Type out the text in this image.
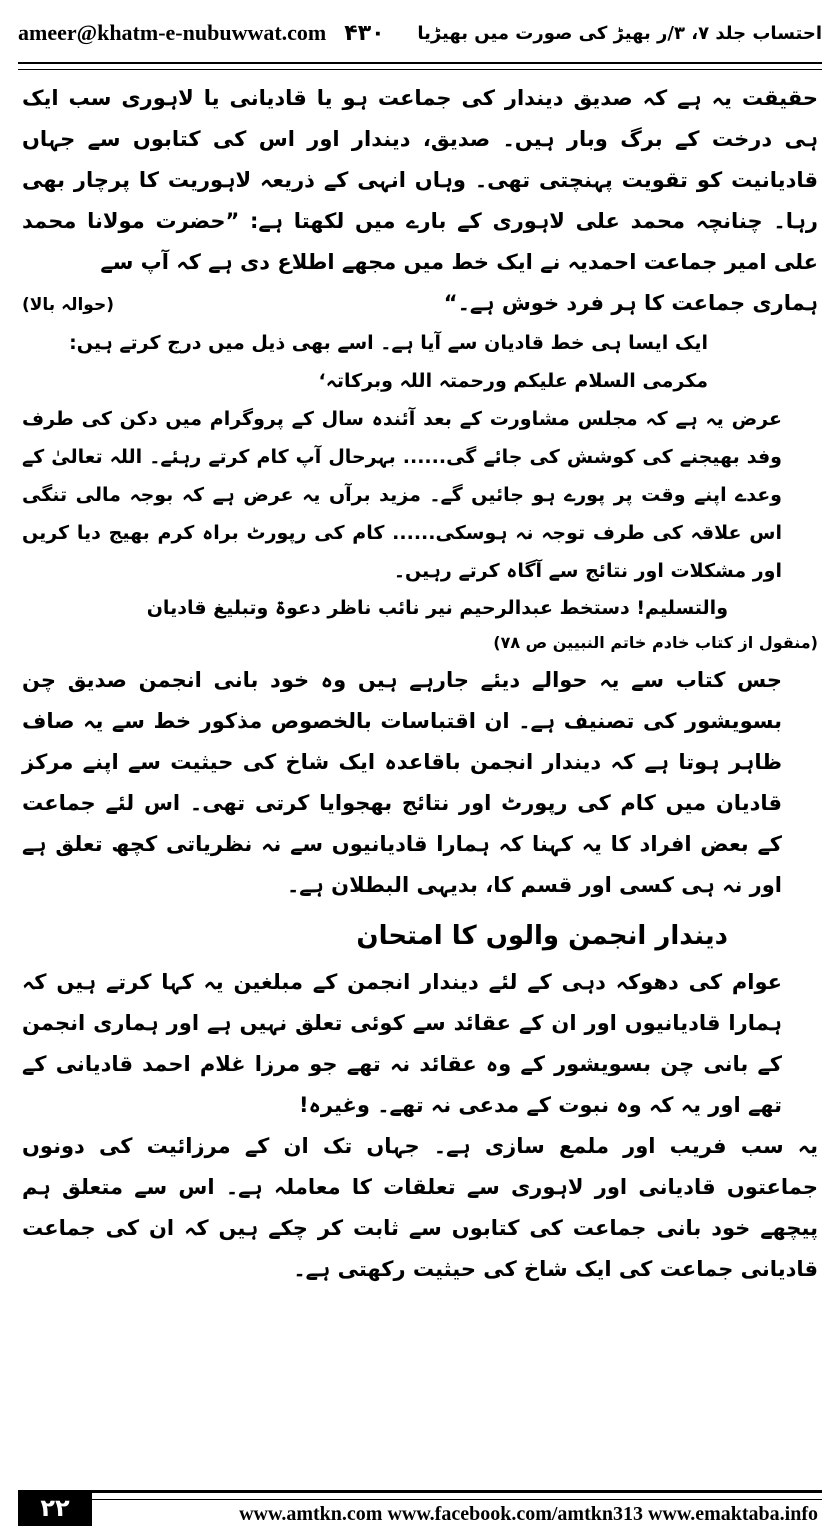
ameer@khatm-e-nubuwwat.com ۴۳۰ احتساب جلد ۷، ۳/ر بھیڑ کی صورت میں بھیڑیا

حقیقت یہ ہے کہ صدیق دیندار کی جماعت ہو یا قادیانی یا لاہوری سب ایک ہی درخت کے برگ وبار ہیں۔ صدیق، دیندار اور اس کی کتابوں سے جہاں قادیانیت کو تقویت پہنچتی تھی۔ وہاں انہی کے ذریعہ لاہوریت کا پرچار بھی رہا۔ چنانچہ محمد علی لاہوری کے بارے میں لکھتا ہے: ”حضرت مولانا محمد علی امیر جماعت احمدیہ نے ایک خط میں مجھے اطلاع دی ہے کہ آپ سے

ہماری جماعت کا ہر فرد خوش ہے۔“

(حوالہ بالا)

ایک ایسا ہی خط قادیان سے آیا ہے۔ اسے بھی ذیل میں درج کرتے ہیں:

مکرمی السلام علیکم ورحمتہ اللہ وبرکاتہ‘

عرض یہ ہے کہ مجلس مشاورت کے بعد آئندہ سال کے پروگرام میں دکن کی طرف وفد بھیجنے کی کوشش کی جائے گی...... بہرحال آپ کام کرتے رہئے۔ اللہ تعالیٰ کے وعدے اپنے وقت پر پورے ہو جائیں گے۔ مزید برآں یہ عرض ہے کہ بوجہ مالی تنگی اس علاقہ کی طرف توجہ نہ ہوسکی...... کام کی رپورٹ براہ کرم بھیج دیا کریں اور مشکلات اور نتائج سے آگاہ کرتے رہیں۔

والتسلیم! دستخط عبدالرحیم نیر نائب ناظر دعوۃ وتبلیغ قادیان

(منقول از کتاب خادم خاتم النبیین ص ۷۸)

جس کتاب سے یہ حوالے دیئے جارہے ہیں وہ خود بانی انجمن صدیق چن بسویشور کی تصنیف ہے۔ ان اقتباسات بالخصوص مذکور خط سے یہ صاف ظاہر ہوتا ہے کہ دیندار انجمن باقاعدہ ایک شاخ کی حیثیت سے اپنے مرکز قادیان میں کام کی رپورٹ اور نتائج بھجوایا کرتی تھی۔ اس لئے جماعت کے بعض افراد کا یہ کہنا کہ ہمارا قادیانیوں سے نہ نظریاتی کچھ تعلق ہے اور نہ ہی کسی اور قسم کا، بدیہی البطلان ہے۔

دیندار انجمن والوں کا امتحان

عوام کی دھوکہ دہی کے لئے دیندار انجمن کے مبلغین یہ کہا کرتے ہیں کہ ہمارا قادیانیوں اور ان کے عقائد سے کوئی تعلق نہیں ہے اور ہماری انجمن کے بانی چن بسویشور کے وہ عقائد نہ تھے جو مرزا غلام احمد قادیانی کے تھے اور یہ کہ وہ نبوت کے مدعی نہ تھے۔ وغیرہ!

یہ سب فریب اور ملمع سازی ہے۔ جہاں تک ان کے مرزائیت کی دونوں جماعتوں قادیانی اور لاہوری سے تعلقات کا معاملہ ہے۔ اس سے متعلق ہم پیچھے خود بانی جماعت کی کتابوں سے ثابت کر چکے ہیں کہ ان کی جماعت قادیانی جماعت کی ایک شاخ کی حیثیت رکھتی ہے۔

۲۲	www.amtkn.com www.facebook.com/amtkn313 www.emaktaba.info
